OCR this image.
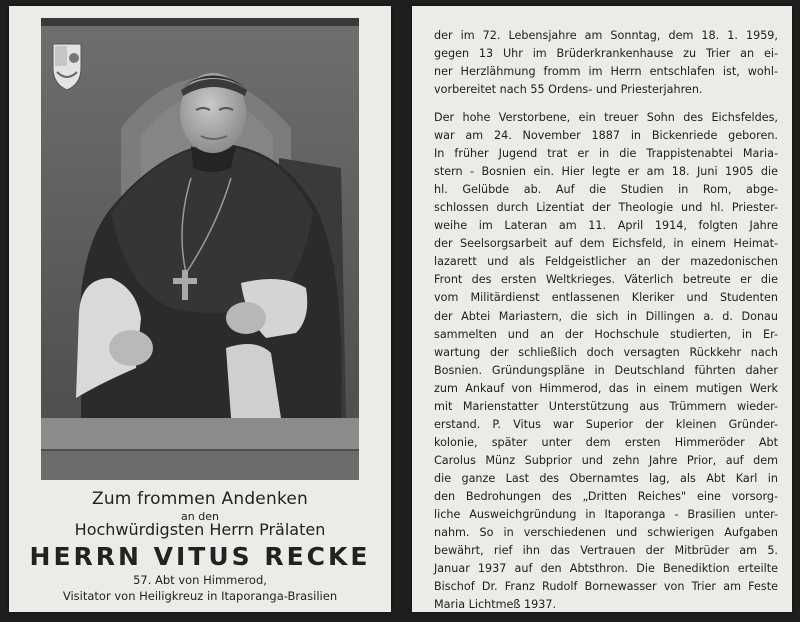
Zum frommen Andenken
an den
Hochwürdigsten Herrn Prälaten
HERRN VITUS RECKE
57. Abt von Himmerod,
Visitator von Heiligkreuz in Itaporanga-Brasilien
der im 72. Lebensjahre am Sonntag, dem 18. 1. 1959,
gegen 13 Uhr im Brüderkrankenhause zu Trier an ei-
ner Herzlähmung fromm im Herrn entschlafen ist, wohl-
vorbereitet nach 55 Ordens- und Priesterjahren.
Der hohe Verstorbene, ein treuer Sohn des Eichsfeldes,
war am 24. November 1887 in Bickenriede geboren.
In früher Jugend trat er in die Trappistenabtei Maria-
stern - Bosnien ein. Hier legte er am 18. Juni 1905 die
hl. Gelübde ab. Auf die Studien in Rom, abge-
schlossen durch Lizentiat der Theologie und hl. Priester-
weihe im Lateran am 11. April 1914, folgten Jahre
der Seelsorgsarbeit auf dem Eichsfeld, in einem Heimat-
lazarett und als Feldgeistlicher an der mazedonischen
Front des ersten Weltkrieges. Väterlich betreute er die
vom Militärdienst entlassenen Kleriker und Studenten
der Abtei Mariastern, die sich in Dillingen a. d. Donau
sammelten und an der Hochschule studierten, in Er-
wartung der schließlich doch versagten Rückkehr nach
Bosnien. Gründungspläne in Deutschland führten daher
zum Ankauf von Himmerod, das in einem mutigen Werk
mit Marienstatter Unterstützung aus Trümmern wieder-
erstand. P. Vitus war Superior der kleinen Gründer-
kolonie, später unter dem ersten Himmeröder Abt
Carolus Münz Subprior und zehn Jahre Prior, auf dem
die ganze Last des Obernamtes lag, als Abt Karl in
den Bedrohungen des „Dritten Reiches" eine vorsorg-
liche Ausweichgründung in Itaporanga - Brasilien unter-
nahm. So in verschiedenen und schwierigen Aufgaben
bewährt, rief ihn das Vertrauen der Mitbrüder am 5.
Januar 1937 auf den Abtsthron. Die Benediktion erteilte
Bischof Dr. Franz Rudolf Bornewasser von Trier am Feste
Maria Lichtmeß 1937.
